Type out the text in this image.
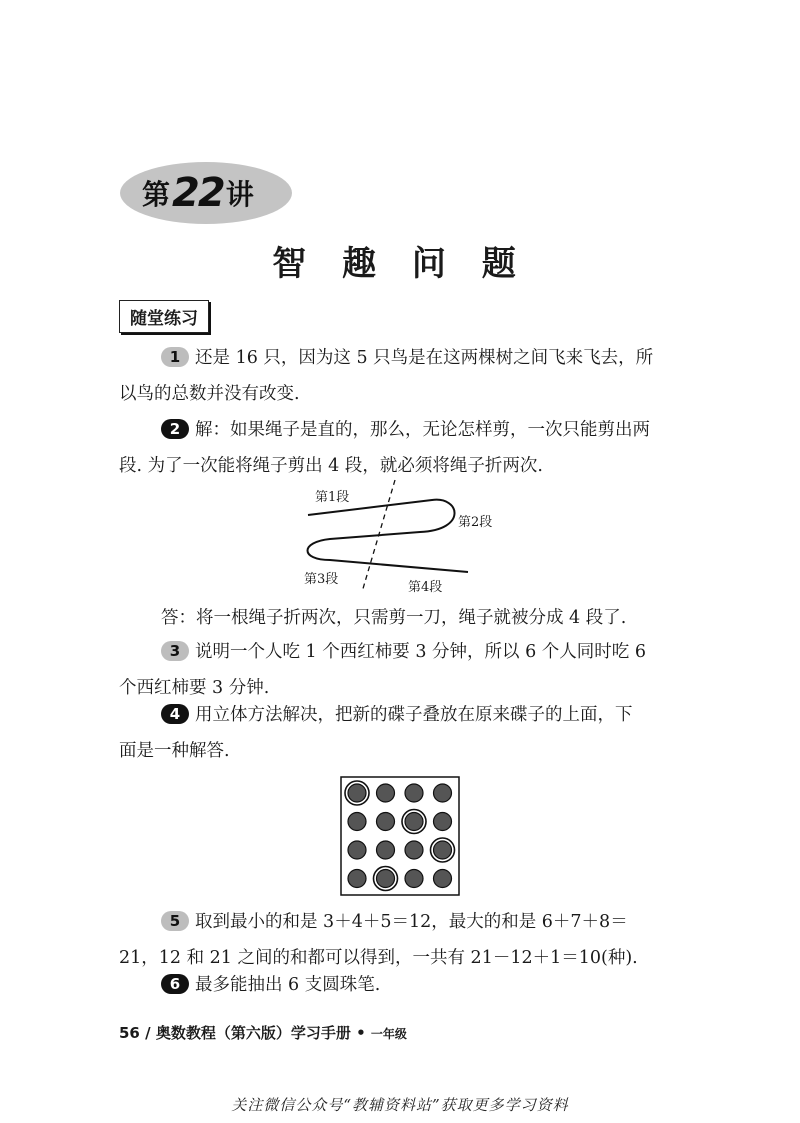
第 22 讲
智 趣 问 题
随堂练习
1 还是 16 只，因为这 5 只鸟是在这两棵树之间飞来飞去，所
以鸟的总数并没有改变.
2 解：如果绳子是直的，那么，无论怎样剪，一次只能剪出两
段. 为了一次能将绳子剪出 4 段，就必须将绳子折两次.
第1段
第2段
第3段
第4段
答：将一根绳子折两次，只需剪一刀，绳子就被分成 4 段了.
3 说明一个人吃 1 个西红柿要 3 分钟，所以 6 个人同时吃 6
个西红柿要 3 分钟.
4 用立体方法解决，把新的碟子叠放在原来碟子的上面，下
面是一种解答.
5 取到最小的和是 3＋4＋5＝12，最大的和是 6＋7＋8＝
21，12 和 21 之间的和都可以得到，一共有 21－12＋1＝10(种).
6 最多能抽出 6 支圆珠笔.
56 / 奥数教程（第六版）学习手册 • 一年级
关注微信公众号“教辅资料站”获取更多学习资料
